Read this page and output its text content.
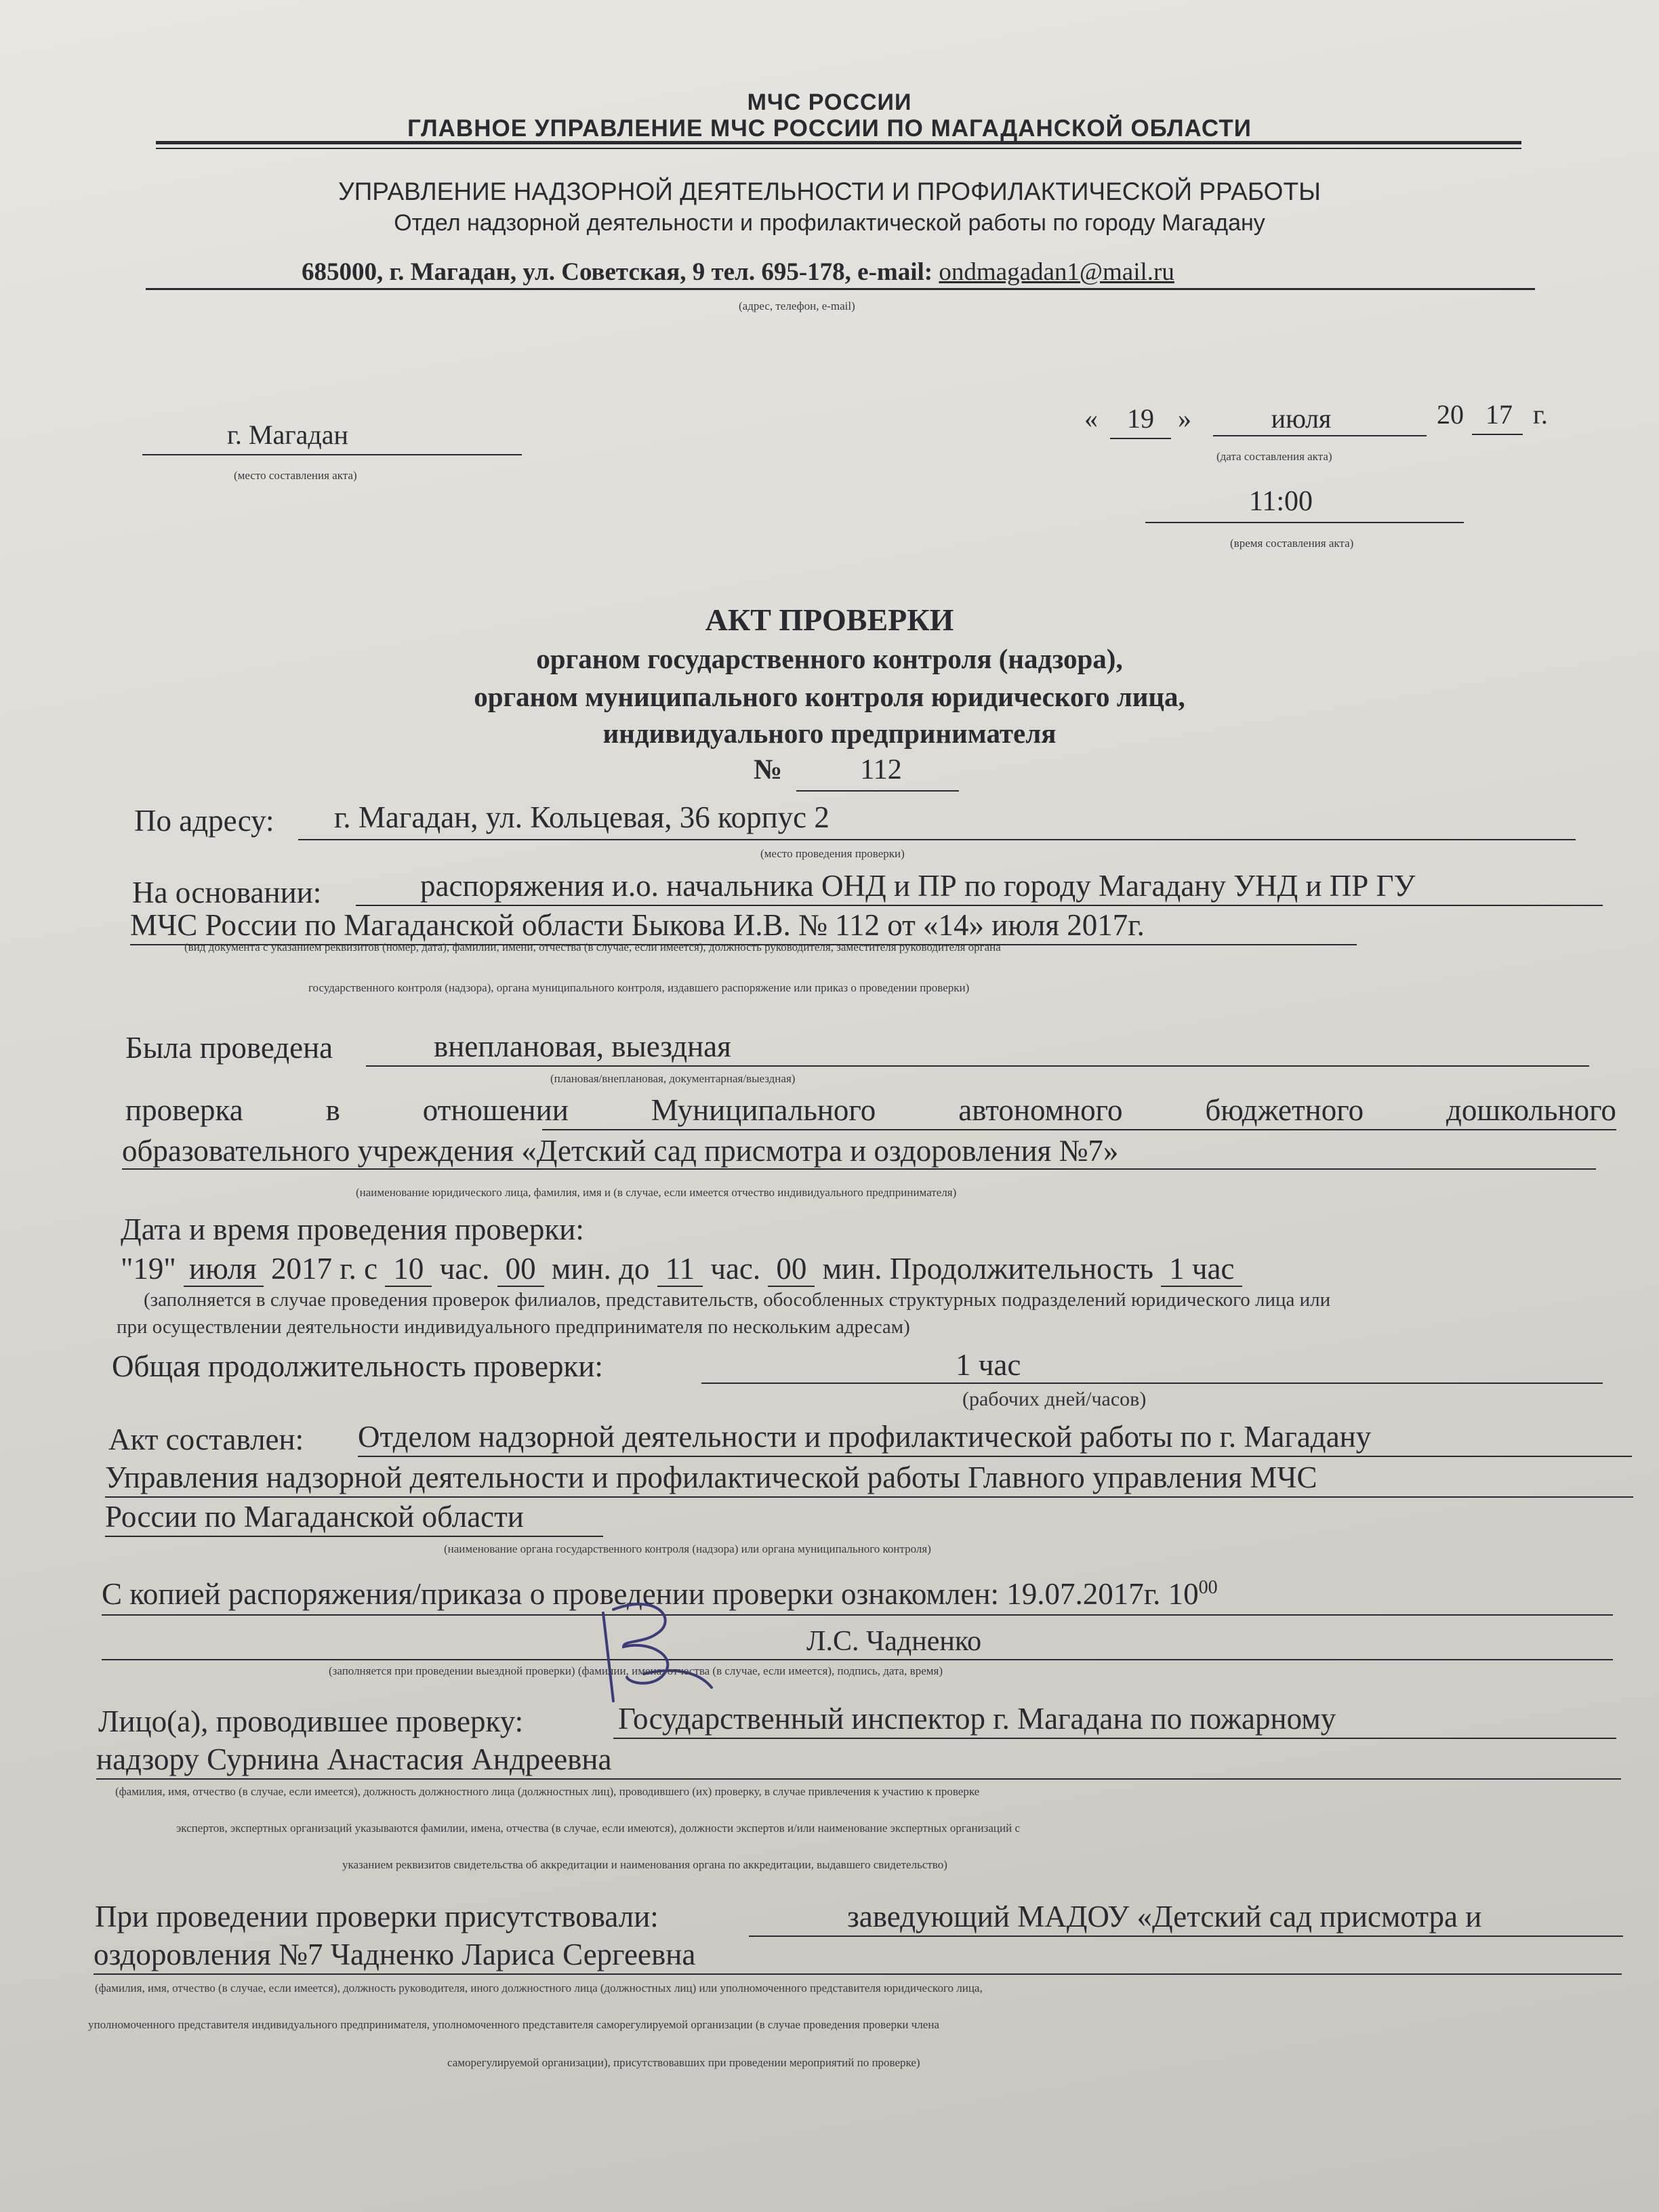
МЧС РОССИИ
ГЛАВНОЕ УПРАВЛЕНИЕ МЧС РОССИИ ПО МАГАДАНСКОЙ ОБЛАСТИ
УПРАВЛЕНИЕ НАДЗОРНОЙ ДЕЯТЕЛЬНОСТИ И ПРОФИЛАКТИЧЕСКОЙ РРАБОТЫ
Отдел надзорной деятельности и профилактической работы по городу Магадану
685000, г. Магадан, ул. Советская, 9 тел. 695-178, e-mail: ondmagadan1@mail.ru
(адрес, телефон, e-mail)
г. Магадан
(место составления акта)
«	19 »	июля	20 17 г.
(дата составления акта)
11:00
(время составления акта)
АКТ ПРОВЕРКИ
органом государственного контроля (надзора),
органом муниципального контроля юридического лица,
индивидуального предпринимателя
№	112
По адресу: г. Магадан, ул. Кольцевая, 36 корпус 2
(место проведения проверки)
На основании:	распоряжения и.о. начальника ОНД и ПР по городу Магадану УНД и ПР ГУ
МЧС России по Магаданской области Быкова И.В. № 112 от «14» июля 2017г.
(вид документа с указанием реквизитов (номер, дата), фамилии, имени, отчества (в случае, если имеется), должность руководителя, заместителя руководителя органа
государственного контроля (надзора), органа муниципального контроля, издавшего распоряжение или приказ о проведении проверки)
Была проведена	внеплановая, выездная
(плановая/внеплановая, документарная/выездная)
проверка	в	отношении	Муниципального	автономного	бюджетного	дошкольного
образовательного учреждения «Детский сад присмотра и оздоровления №7»
(наименование юридического лица, фамилия, имя и (в случае, если имеется отчество индивидуального предпринимателя)
Дата и время проведения проверки:
"19" июля 2017 г. с 10 час. 00 мин. до 11 час. 00 мин. Продолжительность 1 час
(заполняется в случае проведения проверок филиалов, представительств, обособленных структурных подразделений юридического лица или
при осуществлении деятельности индивидуального предпринимателя по нескольким адресам)
Общая продолжительность проверки:	1 час
(рабочих дней/часов)
Акт составлен: Отделом надзорной деятельности и профилактической работы по г. Магадану
Управления надзорной деятельности и профилактической работы Главного управления МЧС
России по Магаданской области
(наименование органа государственного контроля (надзора) или органа муниципального контроля)
С копией распоряжения/приказа о проведении проверки ознакомлен: 19.07.2017г. $10^{00}$
Л.С. Чадненко
(заполняется при проведении выездной проверки) (фамилии, имена, отчества (в случае, если имеется), подпись, дата, время)
Лицо(а), проводившее проверку:	Государственный инспектор г. Магадана по пожарному
надзору Сурнина Анастасия Андреевна
(фамилия, имя, отчество (в случае, если имеется), должность должностного лица (должностных лиц), проводившего (их) проверку, в случае привлечения к участию к проверке
экспертов, экспертных организаций указываются фамилии, имена, отчества (в случае, если имеются), должности экспертов и/или наименование экспертных организаций с
указанием реквизитов свидетельства об аккредитации и наименования органа по аккредитации, выдавшего свидетельство)
При проведении проверки присутствовали:	заведующий МАДОУ «Детский сад присмотра и
оздоровления №7 Чадненко Лариса Сергеевна
(фамилия, имя, отчество (в случае, если имеется), должность руководителя, иного должностного лица (должностных лиц) или уполномоченного представителя юридического лица,
уполномоченного представителя индивидуального предпринимателя, уполномоченного представителя саморегулируемой организации (в случае проведения проверки члена
саморегулируемой организации), присутствовавших при проведении мероприятий по проверке)
